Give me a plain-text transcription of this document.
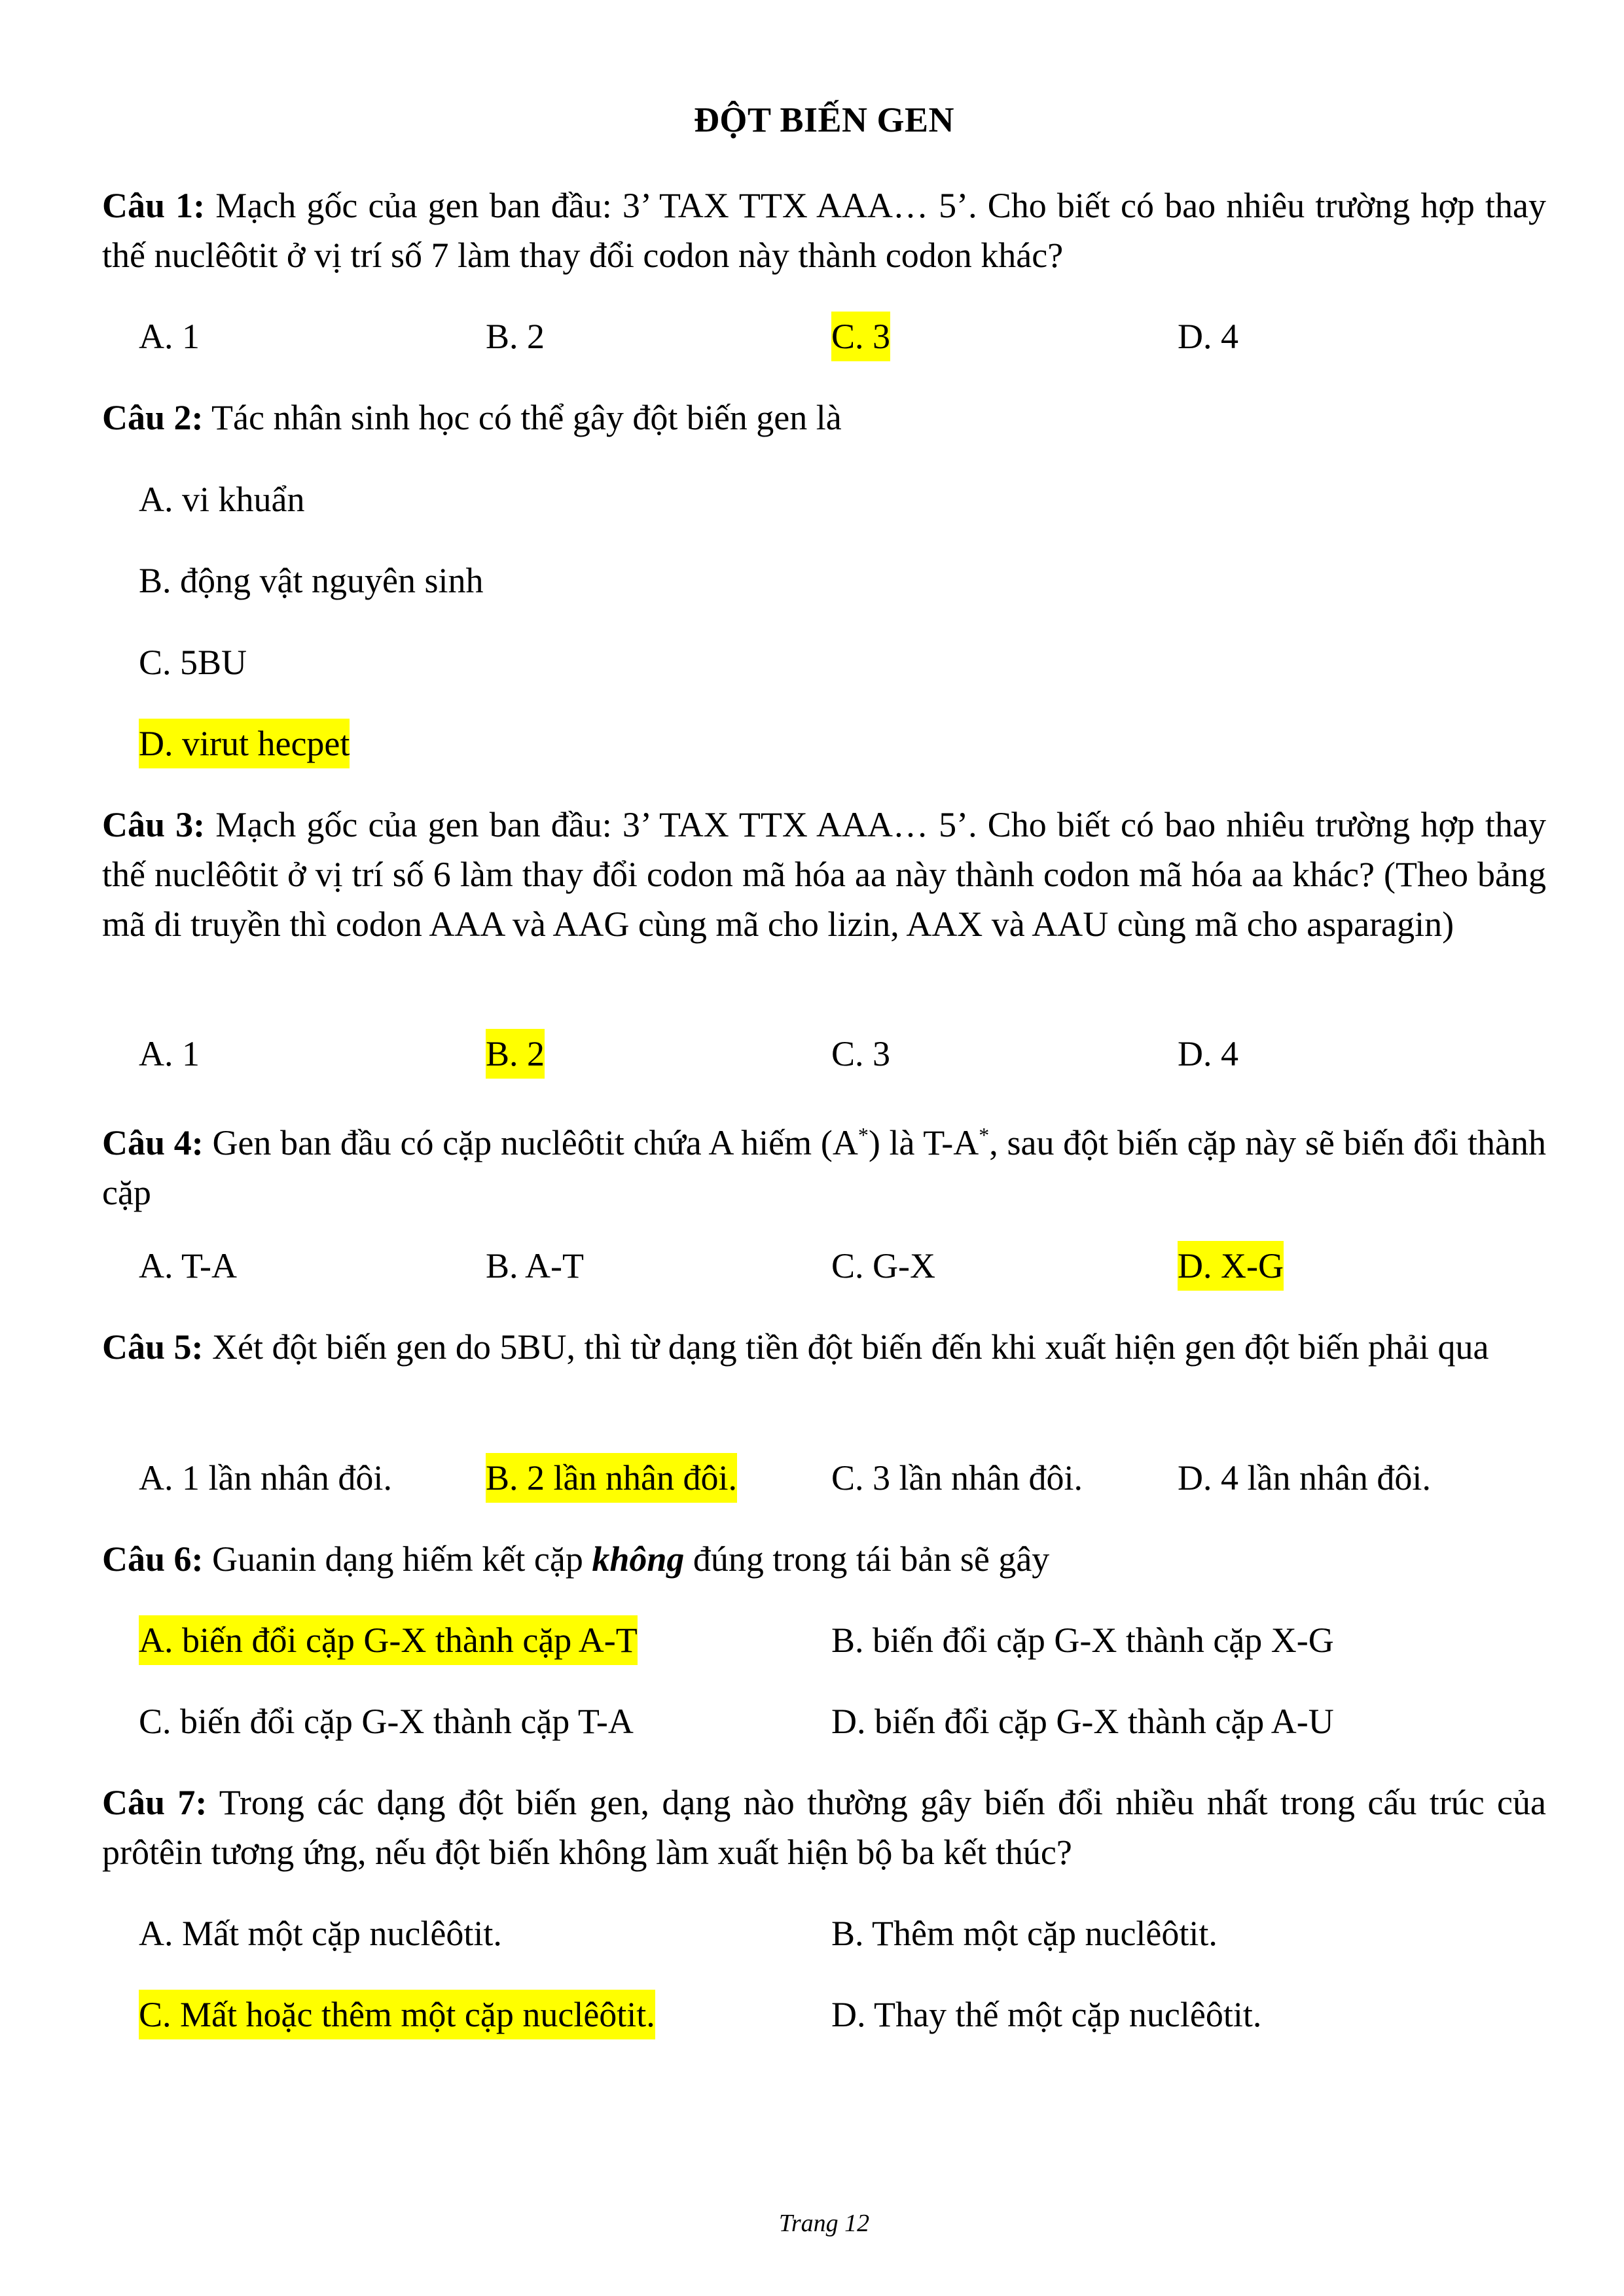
ĐỘT BIẾN GEN
Câu 1: Mạch gốc của gen ban đầu: 3’ TAX TTX AAA… 5’. Cho biết có bao nhiêu trường hợp thay thế nuclêôtit ở vị trí số 7 làm thay đổi codon này thành codon khác?
A. 1	B. 2	C. 3	D. 4
Câu 2: Tác nhân sinh học có thể gây đột biến gen là
A. vi khuẩn
B. động vật nguyên sinh
C. 5BU
D. virut hecpet
Câu 3: Mạch gốc của gen ban đầu: 3’ TAX TTX AAA… 5’. Cho biết có bao nhiêu trường hợp thay thế nuclêôtit ở vị trí số 6 làm thay đổi codon mã hóa aa này thành codon mã hóa aa khác? (Theo bảng mã di truyền thì codon AAA và AAG cùng mã cho lizin, AAX và AAU cùng mã cho asparagin)
A. 1	B. 2	C. 3	D. 4
Câu 4: Gen ban đầu có cặp nuclêôtit chứa A hiếm (A*) là T-A*, sau đột biến cặp này sẽ biến đổi thành cặp
A. T-A	B. A-T	C. G-X	D. X-G
Câu 5: Xét đột biến gen do 5BU, thì từ dạng tiền đột biến đến khi xuất hiện gen đột biến phải qua
A. 1 lần nhân đôi.	B. 2 lần nhân đôi.	C. 3 lần nhân đôi.	D. 4 lần nhân đôi.
Câu 6: Guanin dạng hiếm kết cặp không đúng trong tái bản sẽ gây
A. biến đổi cặp G-X thành cặp A-T	B. biến đổi cặp G-X thành cặp X-G
C. biến đổi cặp G-X thành cặp T-A	D. biến đổi cặp G-X thành cặp A-U
Câu 7: Trong các dạng đột biến gen, dạng nào thường gây biến đổi nhiều nhất trong cấu trúc của prôtêin tương ứng, nếu đột biến không làm xuất hiện bộ ba kết thúc?
A. Mất một cặp nuclêôtit.	B. Thêm một cặp nuclêôtit.
C. Mất hoặc thêm một cặp nuclêôtit.	D. Thay thế một cặp nuclêôtit.
Trang 12
